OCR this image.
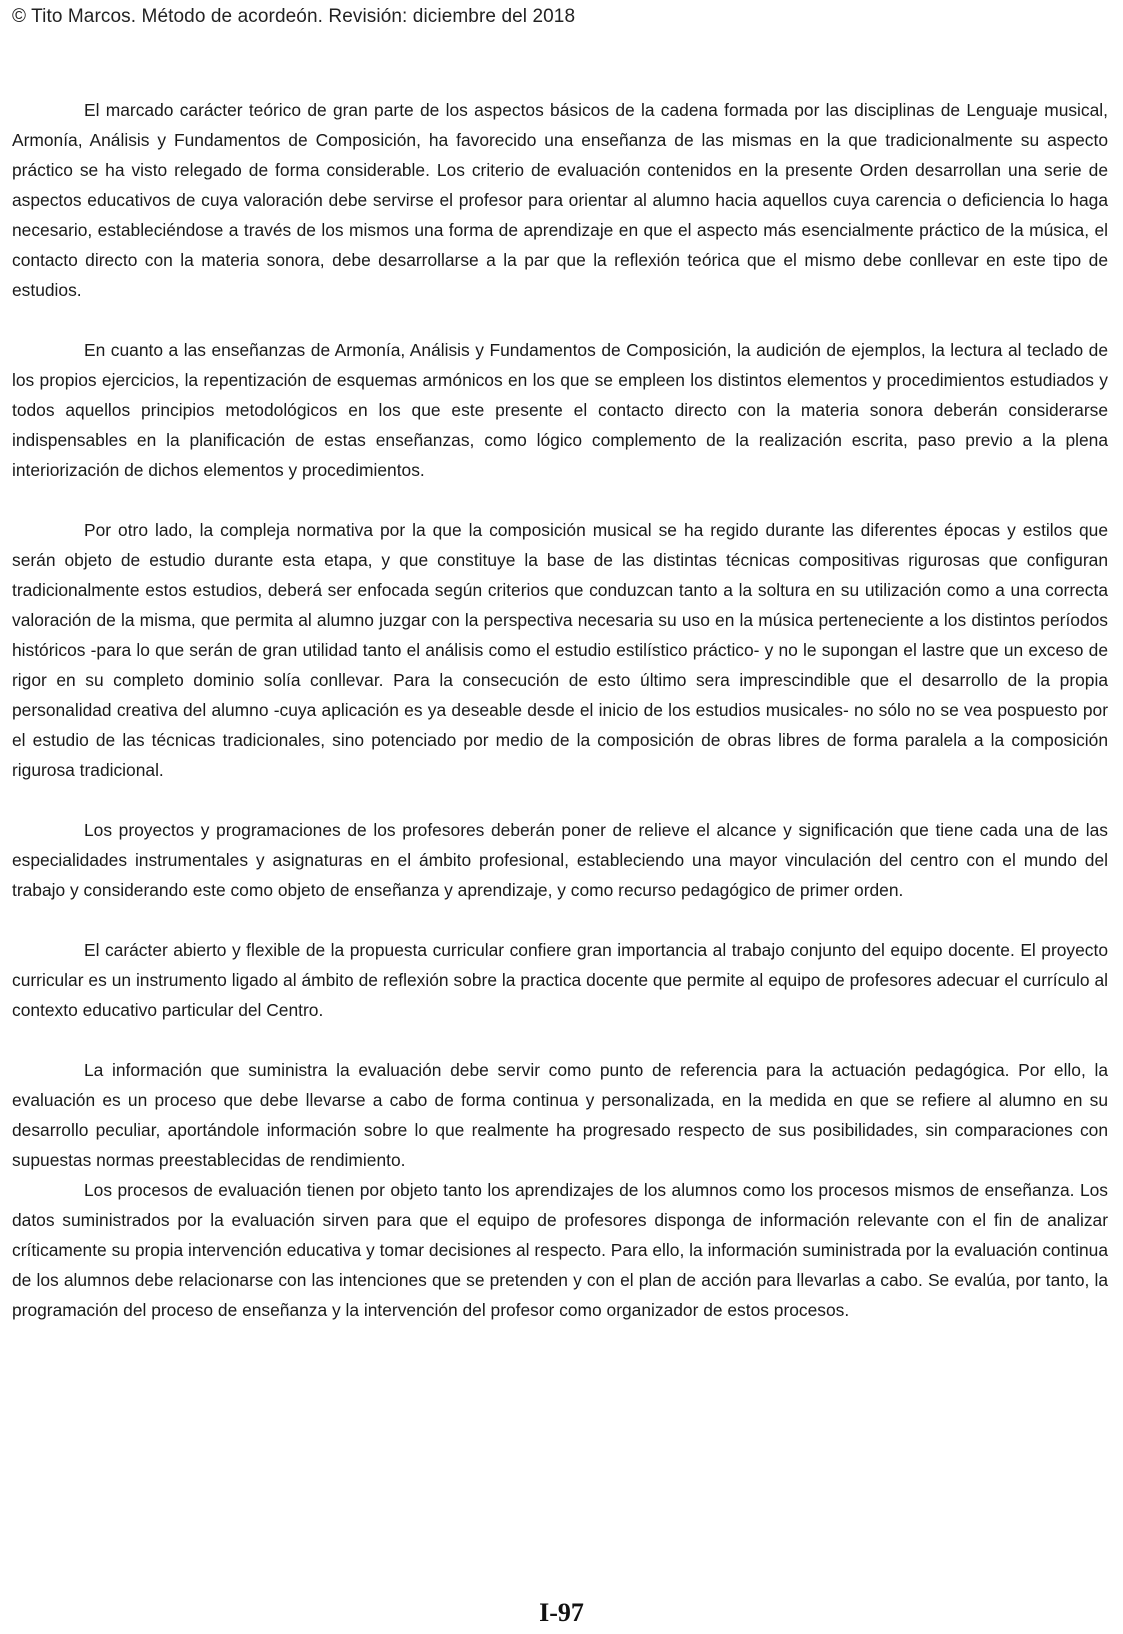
© Tito Marcos. Método de acordeón. Revisión: diciembre del 2018

El marcado carácter teórico de gran parte de los aspectos básicos de la cadena formada por las disciplinas de Lenguaje musical, Armonía, Análisis y Fundamentos de Composición, ha favorecido una enseñanza de las mismas en la que tradicionalmente su aspecto práctico se ha visto relegado de forma considerable. Los criterio de evaluación contenidos en la presente Orden desarrollan una serie de aspectos educativos de cuya valoración debe servirse el profesor para orientar al alumno hacia aquellos cuya carencia o deficiencia lo haga necesario, estableciéndose a través de los mismos una forma de aprendizaje en que el aspecto más esencialmente práctico de la música, el contacto directo con la materia sonora, debe desarrollarse a la par que la reflexión teórica que el mismo debe conllevar en este tipo de estudios.

En cuanto a las enseñanzas de Armonía, Análisis y Fundamentos de Composición, la audición de ejemplos, la lectura al teclado de los propios ejercicios, la repentización de esquemas armónicos en los que se empleen los distintos elementos y procedimientos estudiados y todos aquellos principios metodológicos en los que este presente el contacto directo con la materia sonora deberán considerarse indispensables en la planificación de estas enseñanzas, como lógico complemento de la realización escrita, paso previo a la plena interiorización de dichos elementos y procedimientos.

Por otro lado, la compleja normativa por la que la composición musical se ha regido durante las diferentes épocas y estilos que serán objeto de estudio durante esta etapa, y que constituye la base de las distintas técnicas compositivas rigurosas que configuran tradicionalmente estos estudios, deberá ser enfocada según criterios que conduzcan tanto a la soltura en su utilización como a una correcta valoración de la misma, que permita al alumno juzgar con la perspectiva necesaria su uso en la música perteneciente a los distintos períodos históricos -para lo que serán de gran utilidad tanto el análisis como el estudio estilístico práctico- y no le supongan el lastre que un exceso de rigor en su completo dominio solía conllevar. Para la consecución de esto último sera imprescindible que el desarrollo de la propia personalidad creativa del alumno -cuya aplicación es ya deseable desde el inicio de los estudios musicales- no sólo no se vea pospuesto por el estudio de las técnicas tradicionales, sino potenciado por medio de la composición de obras libres de forma paralela a la composición rigurosa tradicional.

Los proyectos y programaciones de los profesores deberán poner de relieve el alcance y significación que tiene cada una de las especialidades instrumentales y asignaturas en el ámbito profesional, estableciendo una mayor vinculación del centro con el mundo del trabajo y considerando este como objeto de enseñanza y aprendizaje, y como recurso pedagógico de primer orden.

El carácter abierto y flexible de la propuesta curricular confiere gran importancia al trabajo conjunto del equipo docente. El proyecto curricular es un instrumento ligado al ámbito de reflexión sobre la practica docente que permite al equipo de profesores adecuar el currículo al contexto educativo particular del Centro.

La información que suministra la evaluación debe servir como punto de referencia para la actuación pedagógica. Por ello, la evaluación es un proceso que debe llevarse a cabo de forma continua y personalizada, en la medida en que se refiere al alumno en su desarrollo peculiar, aportándole información sobre lo que realmente ha progresado respecto de sus posibilidades, sin comparaciones con supuestas normas preestablecidas de rendimiento.

Los procesos de evaluación tienen por objeto tanto los aprendizajes de los alumnos como los procesos mismos de enseñanza. Los datos suministrados por la evaluación sirven para que el equipo de profesores disponga de información relevante con el fin de analizar críticamente su propia intervención educativa y tomar decisiones al respecto. Para ello, la información suministrada por la evaluación continua de los alumnos debe relacionarse con las intenciones que se pretenden y con el plan de acción para llevarlas a cabo. Se evalúa, por tanto, la programación del proceso de enseñanza y la intervención del profesor como organizador de estos procesos.

I-97
